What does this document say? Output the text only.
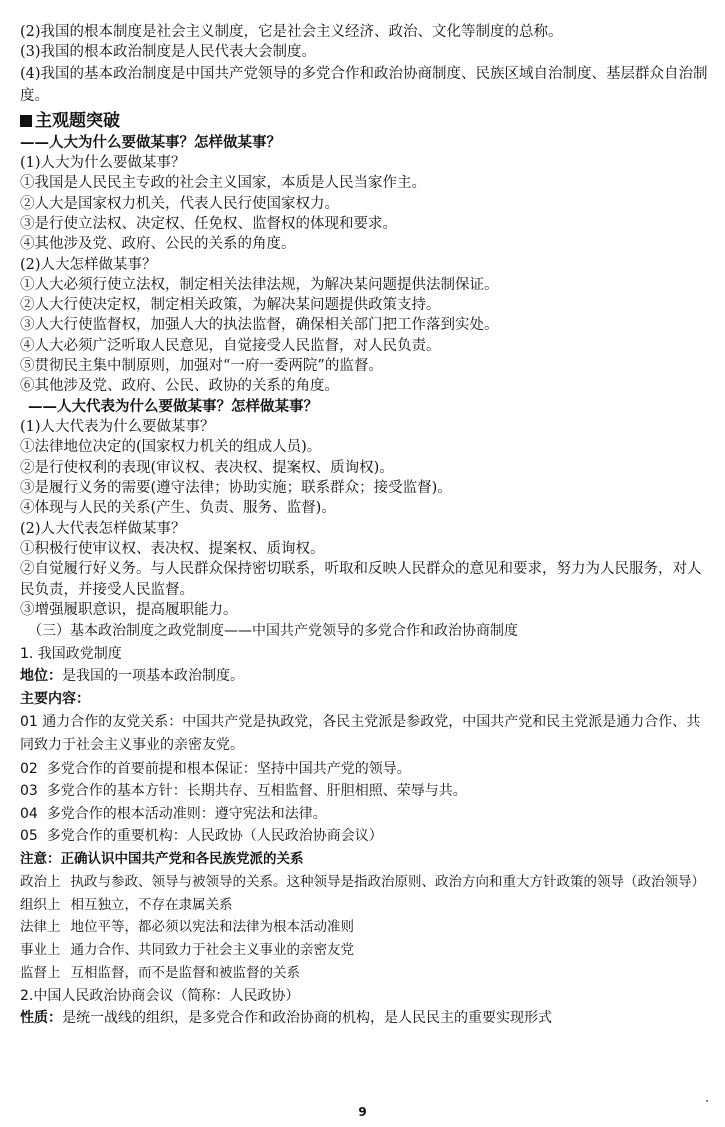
(2)我国的根本制度是社会主义制度，它是社会主义经济、政治、文化等制度的总称。

(3)我国的根本政治制度是人民代表大会制度。

(4)我国的基本政治制度是中国共产党领导的多党合作和政治协商制度、民族区域自治制度、基层群众自治制度。

主观题突破

——人大为什么要做某事？怎样做某事？

(1)人大为什么要做某事？

①我国是人民民主专政的社会主义国家，本质是人民当家作主。

②人大是国家权力机关，代表人民行使国家权力。

③是行使立法权、决定权、任免权、监督权的体现和要求。

④其他涉及党、政府、公民的关系的角度。

(2)人大怎样做某事？

①人大必须行使立法权，制定相关法律法规，为解决某问题提供法制保证。

②人大行使决定权，制定相关政策，为解决某问题提供政策支持。

③人大行使监督权，加强人大的执法监督，确保相关部门把工作落到实处。

④人大必须广泛听取人民意见，自觉接受人民监督，对人民负责。

⑤贯彻民主集中制原则，加强对“一府一委两院”的监督。

⑥其他涉及党、政府、公民、政协的关系的角度。

——人大代表为什么要做某事？怎样做某事？

(1)人大代表为什么要做某事？

①法律地位决定的(国家权力机关的组成人员)。

②是行使权利的表现(审议权、表决权、提案权、质询权)。

③是履行义务的需要(遵守法律；协助实施；联系群众；接受监督)。

④体现与人民的关系(产生、负责、服务、监督)。

(2)人大代表怎样做某事？

①积极行使审议权、表决权、提案权、质询权。

②自觉履行好义务。与人民群众保持密切联系，听取和反映人民群众的意见和要求，努力为人民服务，对人民负责，并接受人民监督。

③增强履职意识，提高履职能力。

（三）基本政治制度之政党制度——中国共产党领导的多党合作和政治协商制度

1. 我国政党制度

地位：是我国的一项基本政治制度。

主要内容：

01 通力合作的友党关系：中国共产党是执政党，各民主党派是参政党，中国共产党和民主党派是通力合作、共同致力于社会主义事业的亲密友党。

02 多党合作的首要前提和根本保证：坚持中国共产党的领导。

03 多党合作的基本方针：长期共存、互相监督、肝胆相照、荣辱与共。

04 多党合作的根本活动准则：遵守宪法和法律。

05 多党合作的重要机构：人民政协（人民政治协商会议）

注意：正确认识中国共产党和各民族党派的关系

政治上 执政与参政、领导与被领导的关系。这种领导是指政治原则、政治方向和重大方针政策的领导（政治领导）

组织上 相互独立，不存在隶属关系

法律上 地位平等，都必须以宪法和法律为根本活动准则

事业上 通力合作、共同致力于社会主义事业的亲密友党

监督上 互相监督，而不是监督和被监督的关系

2.中国人民政治协商会议（简称：人民政协）

性质：是统一战线的组织，是多党合作和政治协商的机构，是人民民主的重要实现形式

9
